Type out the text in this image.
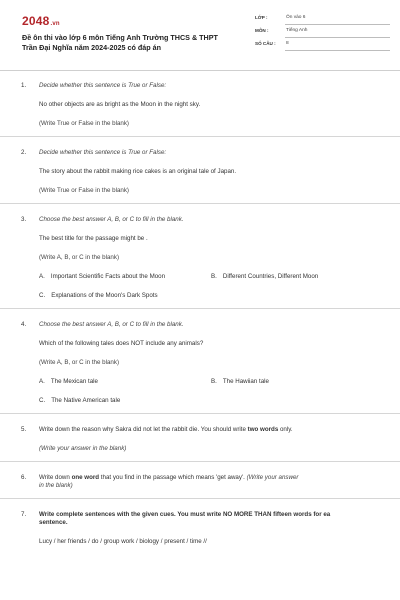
2048.vn
Đề ôn thi vào lớp 6 môn Tiếng Anh Trường THCS & THPT
Trần Đại Nghĩa năm 2024-2025 có đáp án
LỚP :	Ôn vào 6
MÔN :	Tiếng Anh
SỐ CÂU :	8
1. Decide whether this sentence is True or False:
No other objects are as bright as the Moon in the night sky.
(Write True or False in the blank)
2. Decide whether this sentence is True or False:
The story about the rabbit making rice cakes is an original tale of Japan.
(Write True or False in the blank)
3. Choose the best answer A, B, or C to fill in the blank.
The best title for the passage might be .
(Write A, B, or C in the blank)
A. Important Scientific Facts about the Moon	B. Different Countries, Different Moon
C. Explanations of the Moon's Dark Spots
4. Choose the best answer A, B, or C to fill in the blank.
Which of the following tales does NOT include any animals?
(Write A, B, or C in the blank)
A. The Mexican tale	B. The Hawiian tale
C. The Native American tale
5. Write down the reason why Sakra did not let the rabbit die. You should write two words only.
(Write your answer in the blank)
6. Write down one word that you find in the passage which means 'get away'. (Write your answer
in the blank)
7. Write complete sentences with the given cues. You must write NO MORE THAN fifteen words for ea
sentence.
Lucy / her friends / do / group work / biology / present / time //
